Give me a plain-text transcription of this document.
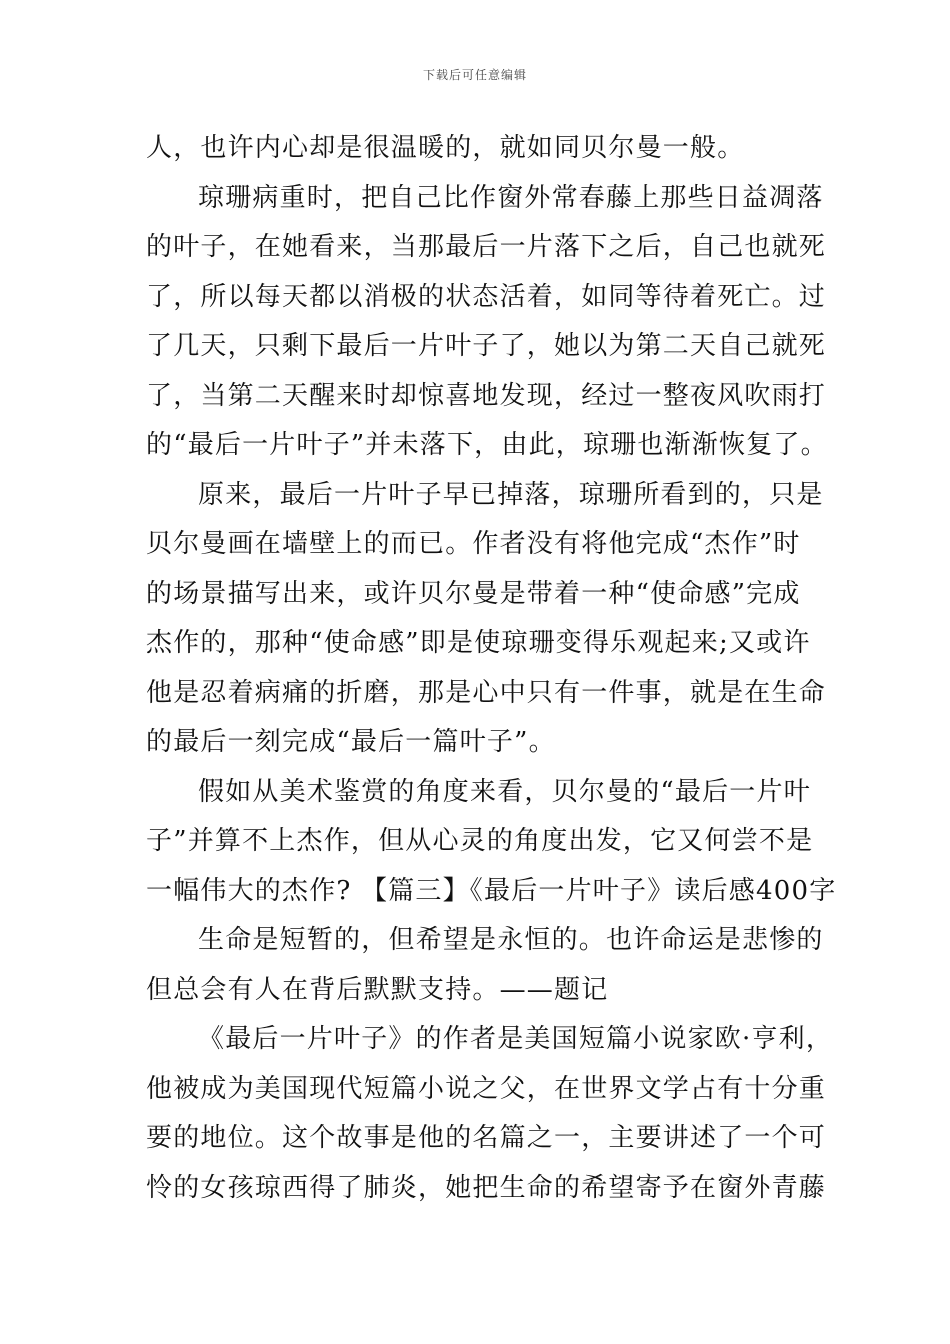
下载后可任意编辑
人，也许内心却是很温暖的，就如同贝尔曼一般。
琼珊病重时，把自己比作窗外常春藤上那些日益凋落
的叶子，在她看来，当那最后一片落下之后，自己也就死
了，所以每天都以消极的状态活着，如同等待着死亡。过
了几天，只剩下最后一片叶子了，她以为第二天自己就死
了，当第二天醒来时却惊喜地发现，经过一整夜风吹雨打
的“最后一片叶子”并未落下，由此，琼珊也渐渐恢复了。
原来，最后一片叶子早已掉落，琼珊所看到的，只是
贝尔曼画在墙壁上的而已。作者没有将他完成“杰作”时
的场景描写出来，或许贝尔曼是带着一种“使命感”完成
杰作的，那种“使命感”即是使琼珊变得乐观起来;又或许
他是忍着病痛的折磨，那是心中只有一件事，就是在生命
的最后一刻完成“最后一篇叶子”。
假如从美术鉴赏的角度来看，贝尔曼的“最后一片叶
子”并算不上杰作，但从心灵的角度出发，它又何尝不是
一幅伟大的杰作? 【篇三】《最后一片叶子》读后感400字
生命是短暂的，但希望是永恒的。也许命运是悲惨的
但总会有人在背后默默支持。——题记
《最后一片叶子》的作者是美国短篇小说家欧·亨利，
他被成为美国现代短篇小说之父，在世界文学占有十分重
要的地位。这个故事是他的名篇之一，主要讲述了一个可
怜的女孩琼西得了肺炎，她把生命的希望寄予在窗外青藤
